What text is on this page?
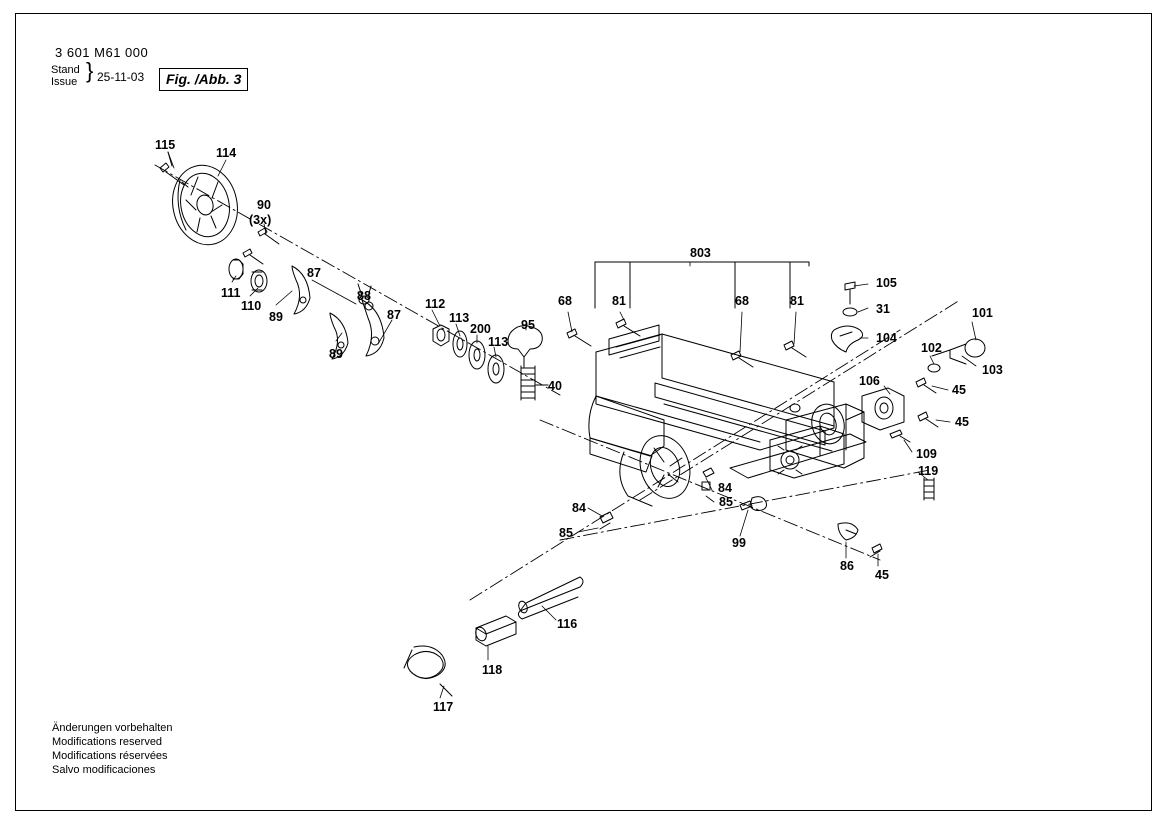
3 601 M61 000
Stand
Issue } 25-11-03	Fig. /Abb. 3
115
114
90
(3x)
87
88
87
111
110
89
89
112
113
200
113
95
40
803
68	81	68	81
105
31
104
101
102
103
106
45
45
109
119
84
85
84
85
99
86
45
116
118
117
Änderungen vorbehalten
Modifications reserved
Modifications réservées
Salvo modificaciones
